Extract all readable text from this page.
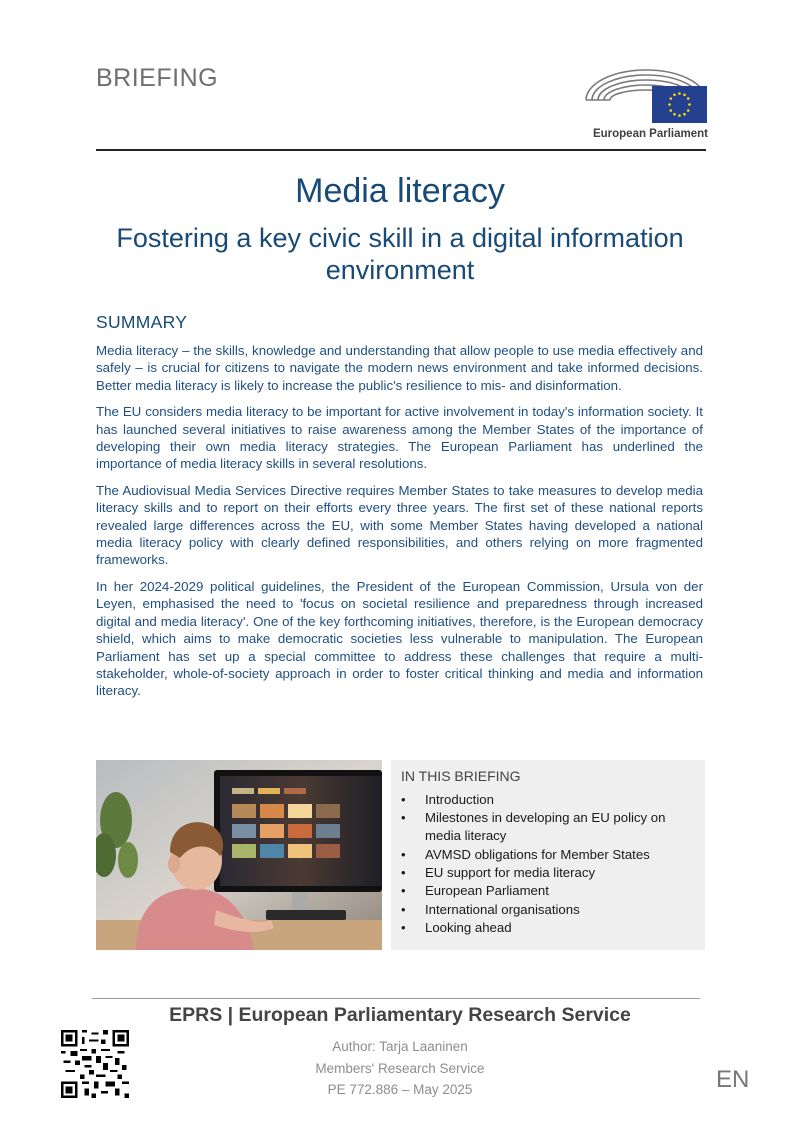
BRIEFING
European Parliament
Media literacy
Fostering a key civic skill in a digital information environment
SUMMARY

Media literacy – the skills, knowledge and understanding that allow people to use media effectively and safely – is crucial for citizens to navigate the modern news environment and take informed decisions. Better media literacy is likely to increase the public's resilience to mis- and disinformation.

The EU considers media literacy to be important for active involvement in today's information society. It has launched several initiatives to raise awareness among the Member States of the importance of developing their own media literacy strategies. The European Parliament has underlined the importance of media literacy skills in several resolutions.

The Audiovisual Media Services Directive requires Member States to take measures to develop media literacy skills and to report on their efforts every three years. The first set of these national reports revealed large differences across the EU, with some Member States having developed a national media literacy policy with clearly defined responsibilities, and others relying on more fragmented frameworks.

In her 2024-2029 political guidelines, the President of the European Commission, Ursula von der Leyen, emphasised the need to 'focus on societal resilience and preparedness through increased digital and media literacy'. One of the key forthcoming initiatives, therefore, is the European democracy shield, which aims to make democratic societies less vulnerable to manipulation. The European Parliament has set up a special committee to address these challenges that require a multi-stakeholder, whole-of-society approach in order to foster critical thinking and media and information literacy.

IN THIS BRIEFING
• Introduction
• Milestones in developing an EU policy on media literacy
• AVMSD obligations for Member States
• EU support for media literacy
• European Parliament
• International organisations
• Looking ahead
EPRS | European Parliamentary Research Service
Author: Tarja Laaninen
Members' Research Service
PE 772.886 – May 2025	EN
